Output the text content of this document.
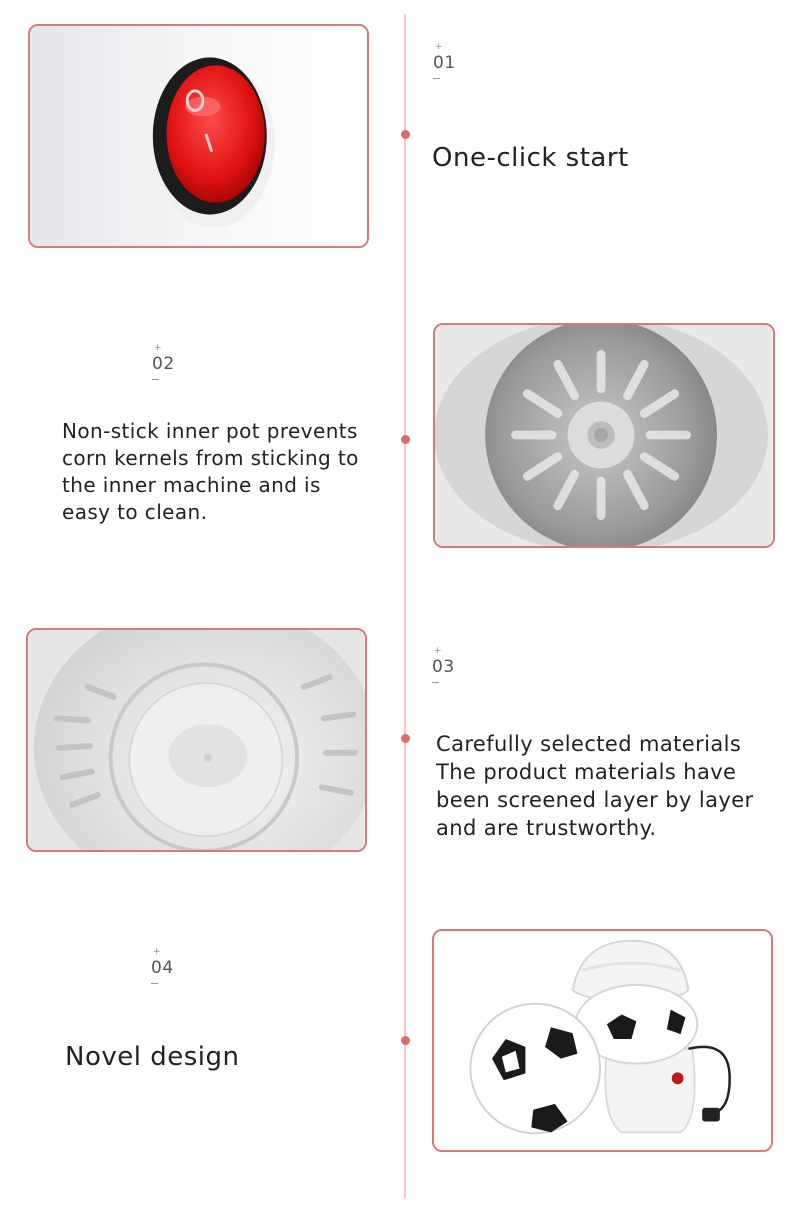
+
01
One-click start
+
02
Non-stick inner pot prevents corn kernels from sticking to the inner machine and is easy to clean.
+
03
Carefully selected materials The product materials have been screened layer by layer and are trustworthy.
+
04
Novel design
